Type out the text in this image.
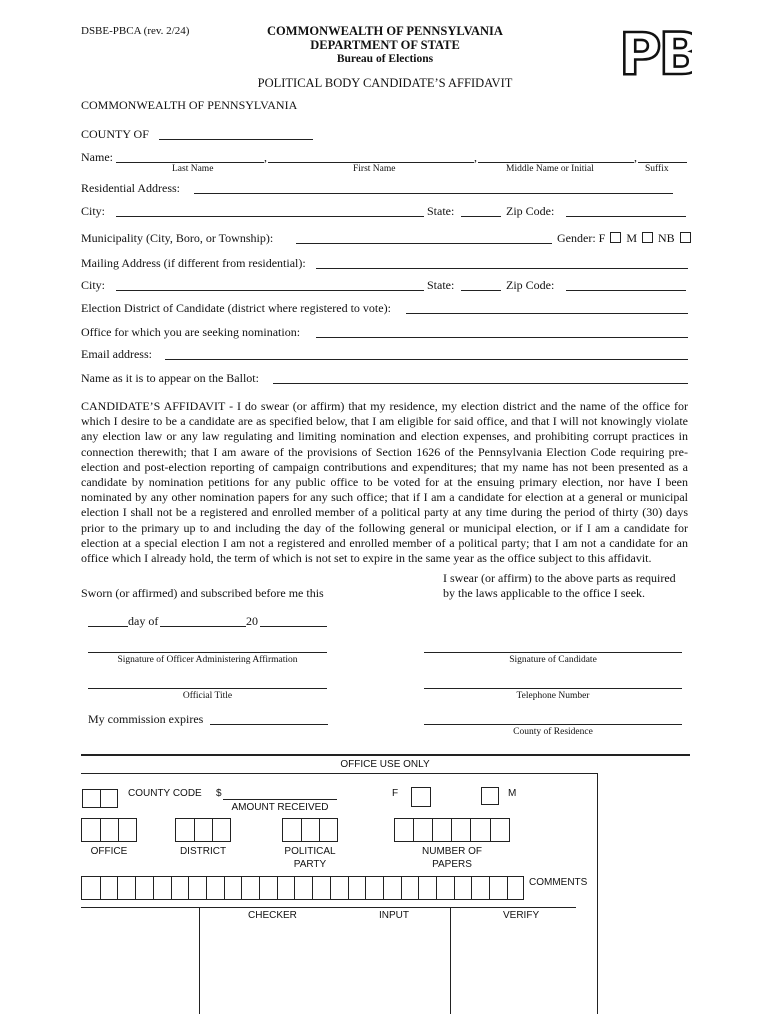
DSBE-PBCA (rev. 2/24)	COMMONWEALTH OF PENNSYLVANIA
DEPARTMENT OF STATE
Bureau of Elections	PB
POLITICAL BODY CANDIDATE’S AFFIDAVIT
COMMONWEALTH OF PENNSYLVANIA
COUNTY OF
Name:	,	,	,
Last Name	First Name	Middle Name or Initial	Suffix
Residential Address:
City:	State:	Zip Code:
Municipality (City, Boro, or Township):	Gender: F M NB
Mailing Address (if different from residential):
City:	State:	Zip Code:
Election District of Candidate (district where registered to vote):
Office for which you are seeking nomination:
Email address:
Name as it is to appear on the Ballot:
CANDIDATE’S AFFIDAVIT - I do swear (or affirm) that my residence, my election district and the name of the office for which I desire to be a candidate are as specified below, that I am eligible for said office, and that I will not knowingly violate any election law or any law regulating and limiting nomination and election expenses, and prohibiting corrupt practices in connection therewith; that I am aware of the provisions of Section 1626 of the Pennsylvania Election Code requiring pre-election and post-election reporting of campaign contributions and expenditures; that my name has not been presented as a candidate by nomination petitions for any public office to be voted for at the ensuing primary election, nor have I been nominated by any other nomination papers for any such office; that if I am a candidate for election at a general or municipal election I shall not be a registered and enrolled member of a political party at any time during the period of thirty (30) days prior to the primary up to and including the day of the following general or municipal election, or if I am a candidate for election at a special election I am not a registered and enrolled member of a political party; that I am not a candidate for an office which I already hold, the term of which is not set to expire in the same year as the office subject to this affidavit.
I swear (or affirm) to the above parts as required
Sworn (or affirmed) and subscribed before me this	by the laws applicable to the office I seek.
day of	20
Signature of Officer Administering Affirmation	Signature of Candidate
Official Title	Telephone Number
My commission expires
County of Residence
OFFICE USE ONLY
COUNTY CODE $
AMOUNT RECEIVED
F	M
OFFICE	DISTRICT	POLITICAL
PARTY
NUMBER OF
PAPERS
COMMENTS
CHECKER	INPUT	VERIFY
